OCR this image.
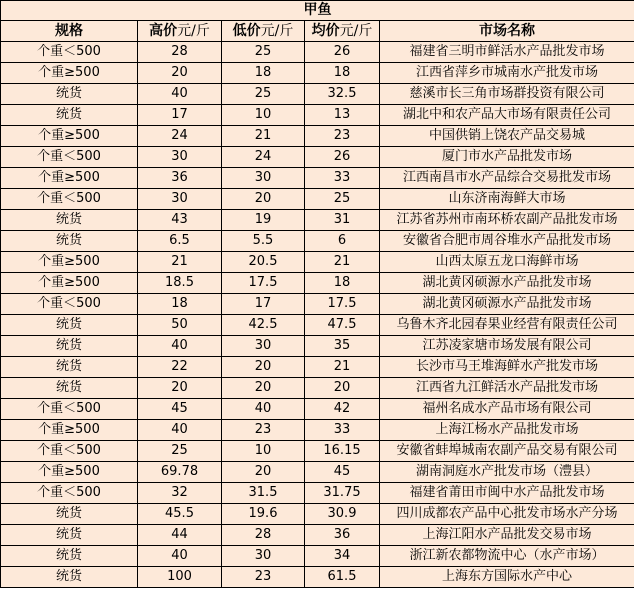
甲鱼				
规格	高价元/斤	低价元/斤	均价元/斤	市场名称
个重＜500	28	25	26	福建省三明市鲜活水产品批发市场
个重≥500	20	18	18	江西省萍乡市城南水产批发市场
统货	40	25	32.5	慈溪市长三角市场群投资有限公司
统货	17	10	13	湖北中和农产品大市场有限责任公司
个重≥500	24	21	23	中国供销上饶农产品交易城
个重＜500	30	24	26	厦门市水产品批发市场
个重≥500	36	30	33	江西南昌市水产品综合交易批发市场
个重＜500	30	20	25	山东济南海鲜大市场
统货	43	19	31	江苏省苏州市南环桥农副产品批发市场
统货	6.5	5.5	6	安徽省合肥市周谷堆水产品批发市场
个重≥500	21	20.5	21	山西太原五龙口海鲜市场
个重≥500	18.5	17.5	18	湖北黄冈硕源水产品批发市场
个重＜500	18	17	17.5	湖北黄冈硕源水产品批发市场
统货	50	42.5	47.5	乌鲁木齐北园春果业经营有限责任公司
统货	40	30	35	江苏凌家塘市场发展有限公司
统货	22	20	21	长沙市马王堆海鲜水产批发市场
统货	20	20	20	江西省九江鲜活水产品批发市场
个重＜500	45	40	42	福州名成水产品市场有限公司
个重≥500	40	23	33	上海江杨水产品批发市场
个重＜500	25	10	16.15	安徽省蚌埠城南农副产品交易有限公司
个重≥500	69.78	20	45	湖南洞庭水产批发市场（澧县）
个重＜500	32	31.5	31.75	福建省莆田市闽中水产品批发市场
统货	45.5	19.6	30.9	四川成都农产品中心批发市场水产分场
统货	44	28	36	上海江阳水产品批发交易市场
统货	40	30	34	浙江新农都物流中心（水产市场）
统货	100	23	61.5	上海东方国际水产中心
